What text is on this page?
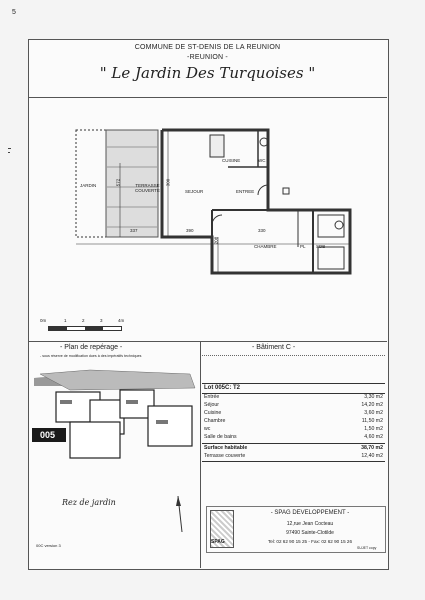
5
COMMUNE DE ST-DENIS DE LA REUNION
-REUNION -
" Le Jardin Des Turquoises "
TERRASSE
COUVERTE
JARDIN
CUISINE	WC
SEJOUR	ENTREE
CHAMBRE	PL SDB
337	390	330
572	300
208
0m	1	2	3	4m
- Plan de repérage -
- sous réserve de modification dues à des impératifs techniques
005
Rez de jardin
00C version 3
- Bâtiment C -
Lot 005C: T2
Entrée	3,30 m2
Séjour	14,20 m2
Cuisine	3,60 m2
Chambre	11,50 m2
wc	1,50 m2
Salle de bains	4,60 m2
Surface habitable	38,70 m2
Terrasse couverte	12,40 m2
SPAG
- SPAG DEVELOPPEMENT -
12,rue Jean Cocteau
97490 Sainte-Clotilde
Tel: 02 62 90 15 25 - Fax: 02 62 90 15 26
SUJET copy
